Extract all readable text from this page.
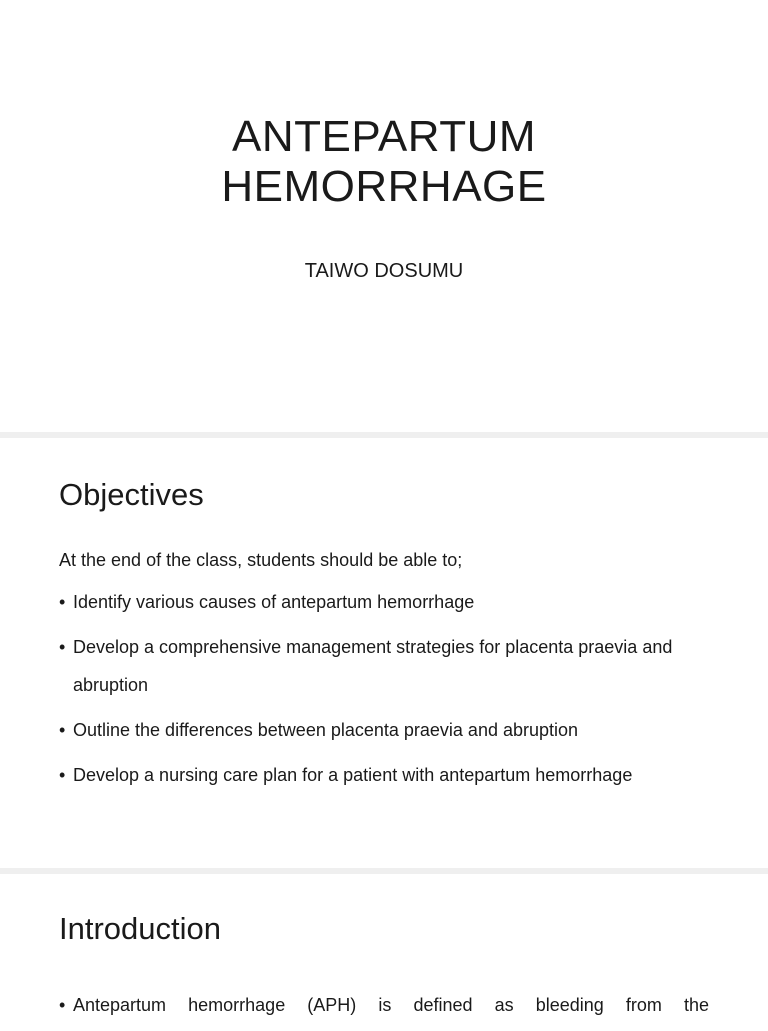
ANTEPARTUM
HEMORRHAGE
TAIWO DOSUMU
Objectives
At the end of the class, students should be able to;
• Identify various causes of antepartum hemorrhage
• Develop a comprehensive management strategies for placenta praevia and abruption
• Outline the differences between placenta praevia and abruption
• Develop a nursing care plan for a patient with antepartum hemorrhage
Introduction
• Antepartum hemorrhage (APH) is defined as bleeding from the
